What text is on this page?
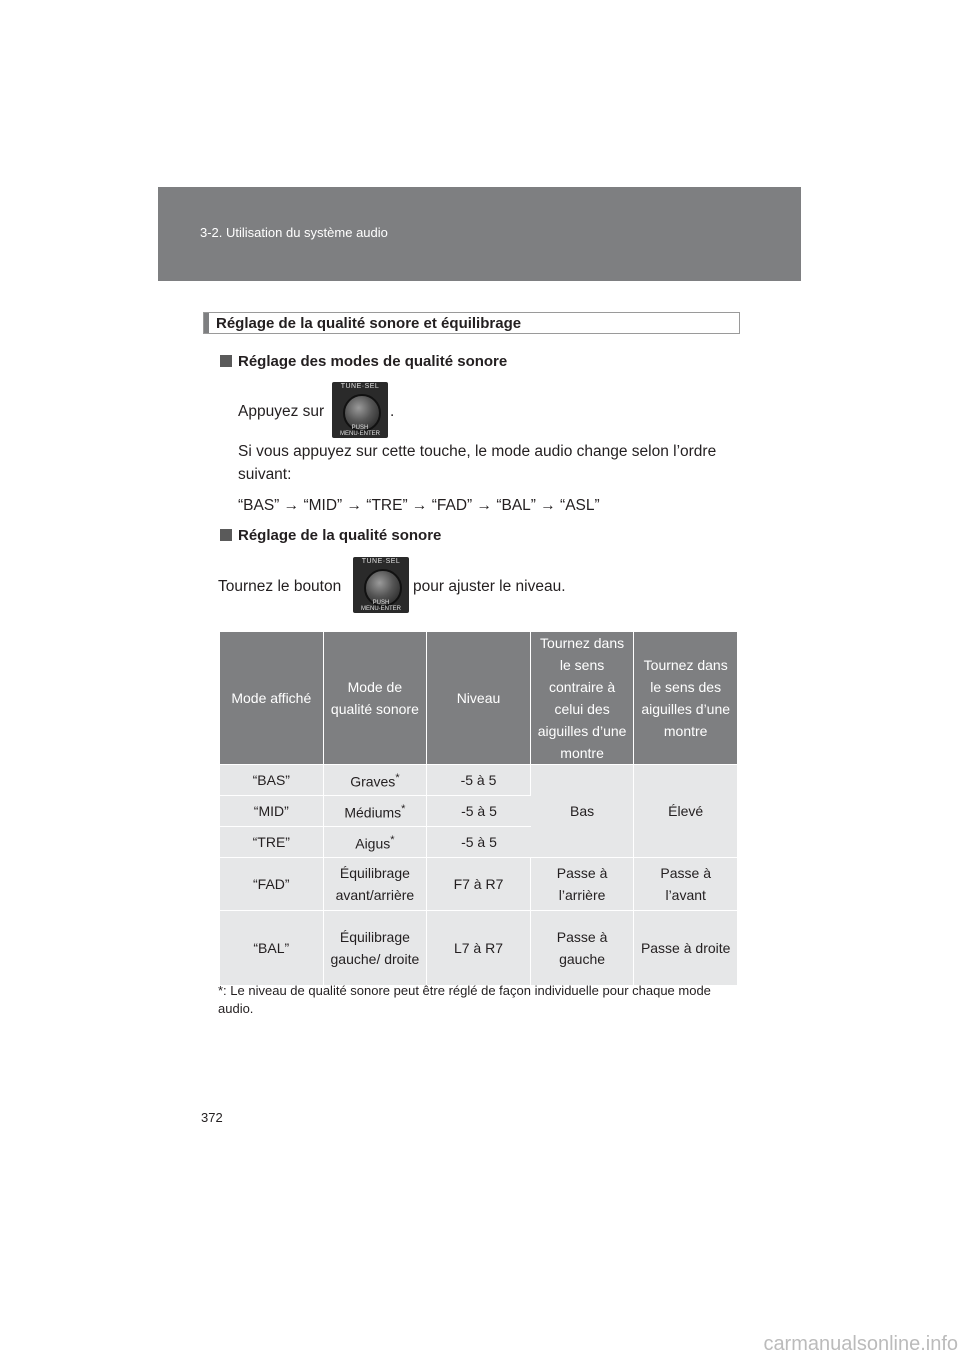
3-2. Utilisation du système audio
Réglage de la qualité sonore et équilibrage
Réglage des modes de qualité sonore
Appuyez sur
TUNE·SEL
PUSH MENU·ENTER
.
Si vous appuyez sur cette touche, le mode audio change selon l’ordre
suivant:
“BAS” → “MID” → “TRE” → “FAD” → “BAL” → “ASL”
Réglage de la qualité sonore
Tournez le bouton
TUNE·SEL
PUSH MENU·ENTER
pour ajuster le niveau.
Mode affiché	Mode de qualité sonore	Niveau	Tournez dans le sens contraire à celui des aiguilles d’une montre	Tournez dans le sens des aiguilles d’une montre
“BAS”	Graves*	-5 à 5	Bas	Élevé
“MID”	Médiums*	-5 à 5		
“TRE”	Aigus*	-5 à 5		
“FAD”	Équilibrage avant/arrière	F7 à R7	Passe à l’arrière	Passe à l’avant
“BAL”	Équilibrage gauche/ droite	L7 à R7	Passe à gauche	Passe à droite
*: Le niveau de qualité sonore peut être réglé de façon individuelle pour chaque mode audio.
372
carmanualsonline.info
